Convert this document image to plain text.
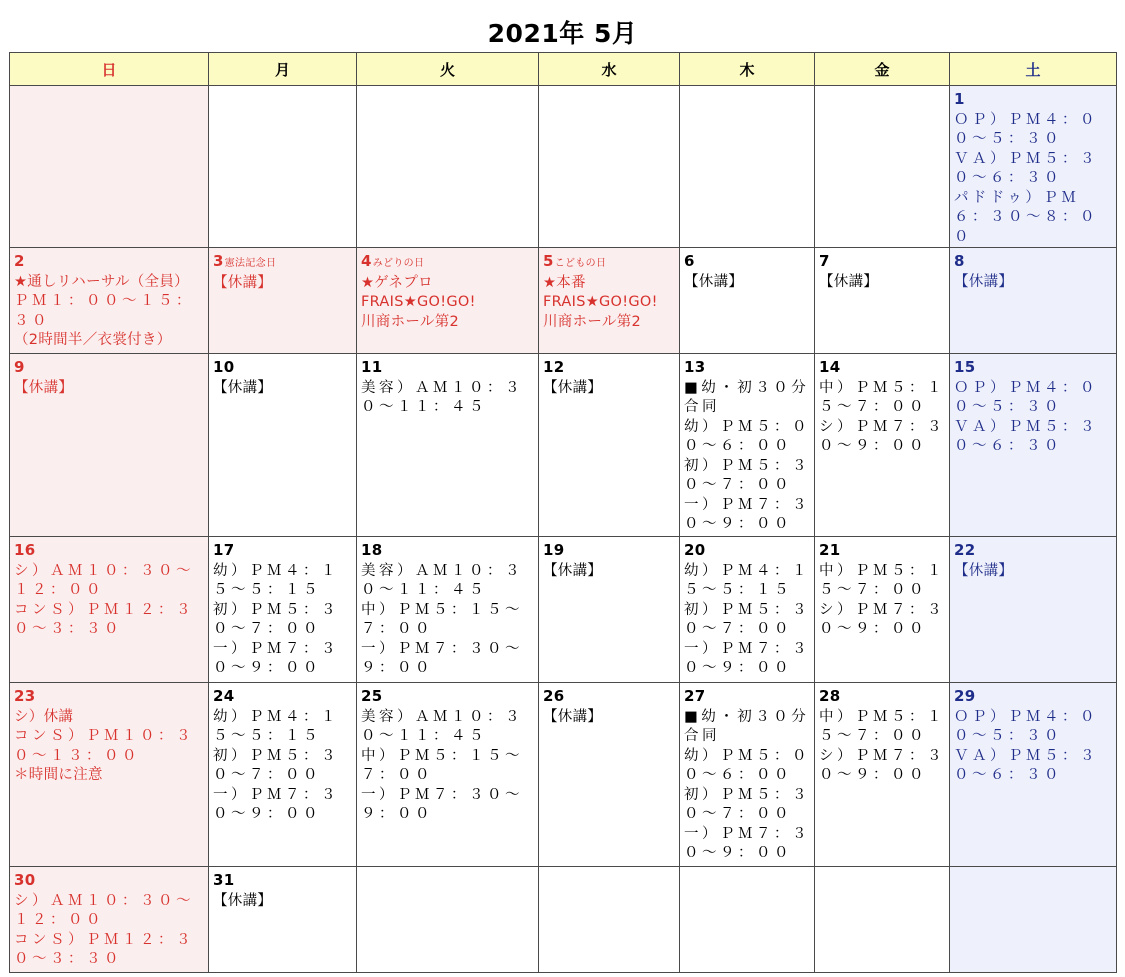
2021年 5月
日	月	火	水	木	金	土
						1
ＯＰ）ＰＭ４：００〜５：３０
ＶＡ）ＰＭ５：３０〜６：３０
パドドゥ）ＰＭ６：３０〜８：００

2
★通しリハーサル（全員）
ＰＭ１：００〜１５：３０
（2時間半／衣裳付き）	3憲法記念日
【休講】	4みどりの日
★ゲネプロ
FRAIS★GO!GO!
川商ホール第2	5こどもの日
★本番
FRAIS★GO!GO!
川商ホール第2	6
【休講】	7
【休講】	8
【休講】

9
【休講】	10
【休講】	11
美容）ＡＭ１０：３０〜１１：４５	12
【休講】	13
■幼・初３０分合同
幼）ＰＭ５：００〜６：００
初）ＰＭ５：３０〜７：００
一）ＰＭ７：３０〜９：００	14
中）ＰＭ５：１５〜７：００
シ）ＰＭ７：３０〜９：００	15
ＯＰ）ＰＭ４：００〜５：３０
ＶＡ）ＰＭ５：３０〜６：３０

16
シ）ＡＭ１０：３０〜１２：００
コンＳ）ＰＭ１２：３０〜３：３０	17
幼）ＰＭ４：１５〜５：１５
初）ＰＭ５：３０〜７：００
一）ＰＭ７：３０〜９：００	18
美容）ＡＭ１０：３０〜１１：４５
中）ＰＭ５：１５〜７：００
一）ＰＭ７：３０〜９：００	19
【休講】	20
幼）ＰＭ４：１５〜５：１５
初）ＰＭ５：３０〜７：００
一）ＰＭ７：３０〜９：００	21
中）ＰＭ５：１５〜７：００
シ）ＰＭ７：３０〜９：００	22
【休講】

23
シ）休講
コンＳ）ＰＭ１０：３０〜１３：００
＊時間に注意	24
幼）ＰＭ４：１５〜５：１５
初）ＰＭ５：３０〜７：００
一）ＰＭ７：３０〜９：００	25
美容）ＡＭ１０：３０〜１１：４５
中）ＰＭ５：１５〜７：００
一）ＰＭ７：３０〜９：００	26
【休講】	27
■幼・初３０分合同
幼）ＰＭ５：００〜６：００
初）ＰＭ５：３０〜７：００
一）ＰＭ７：３０〜９：００	28
中）ＰＭ５：１５〜７：００
シ）ＰＭ７：３０〜９：００	29
ＯＰ）ＰＭ４：００〜５：３０
ＶＡ）ＰＭ５：３０〜６：３０

30
シ）ＡＭ１０：３０〜１２：００
コンＳ）ＰＭ１２：３０〜３：３０	31
【休講】					
